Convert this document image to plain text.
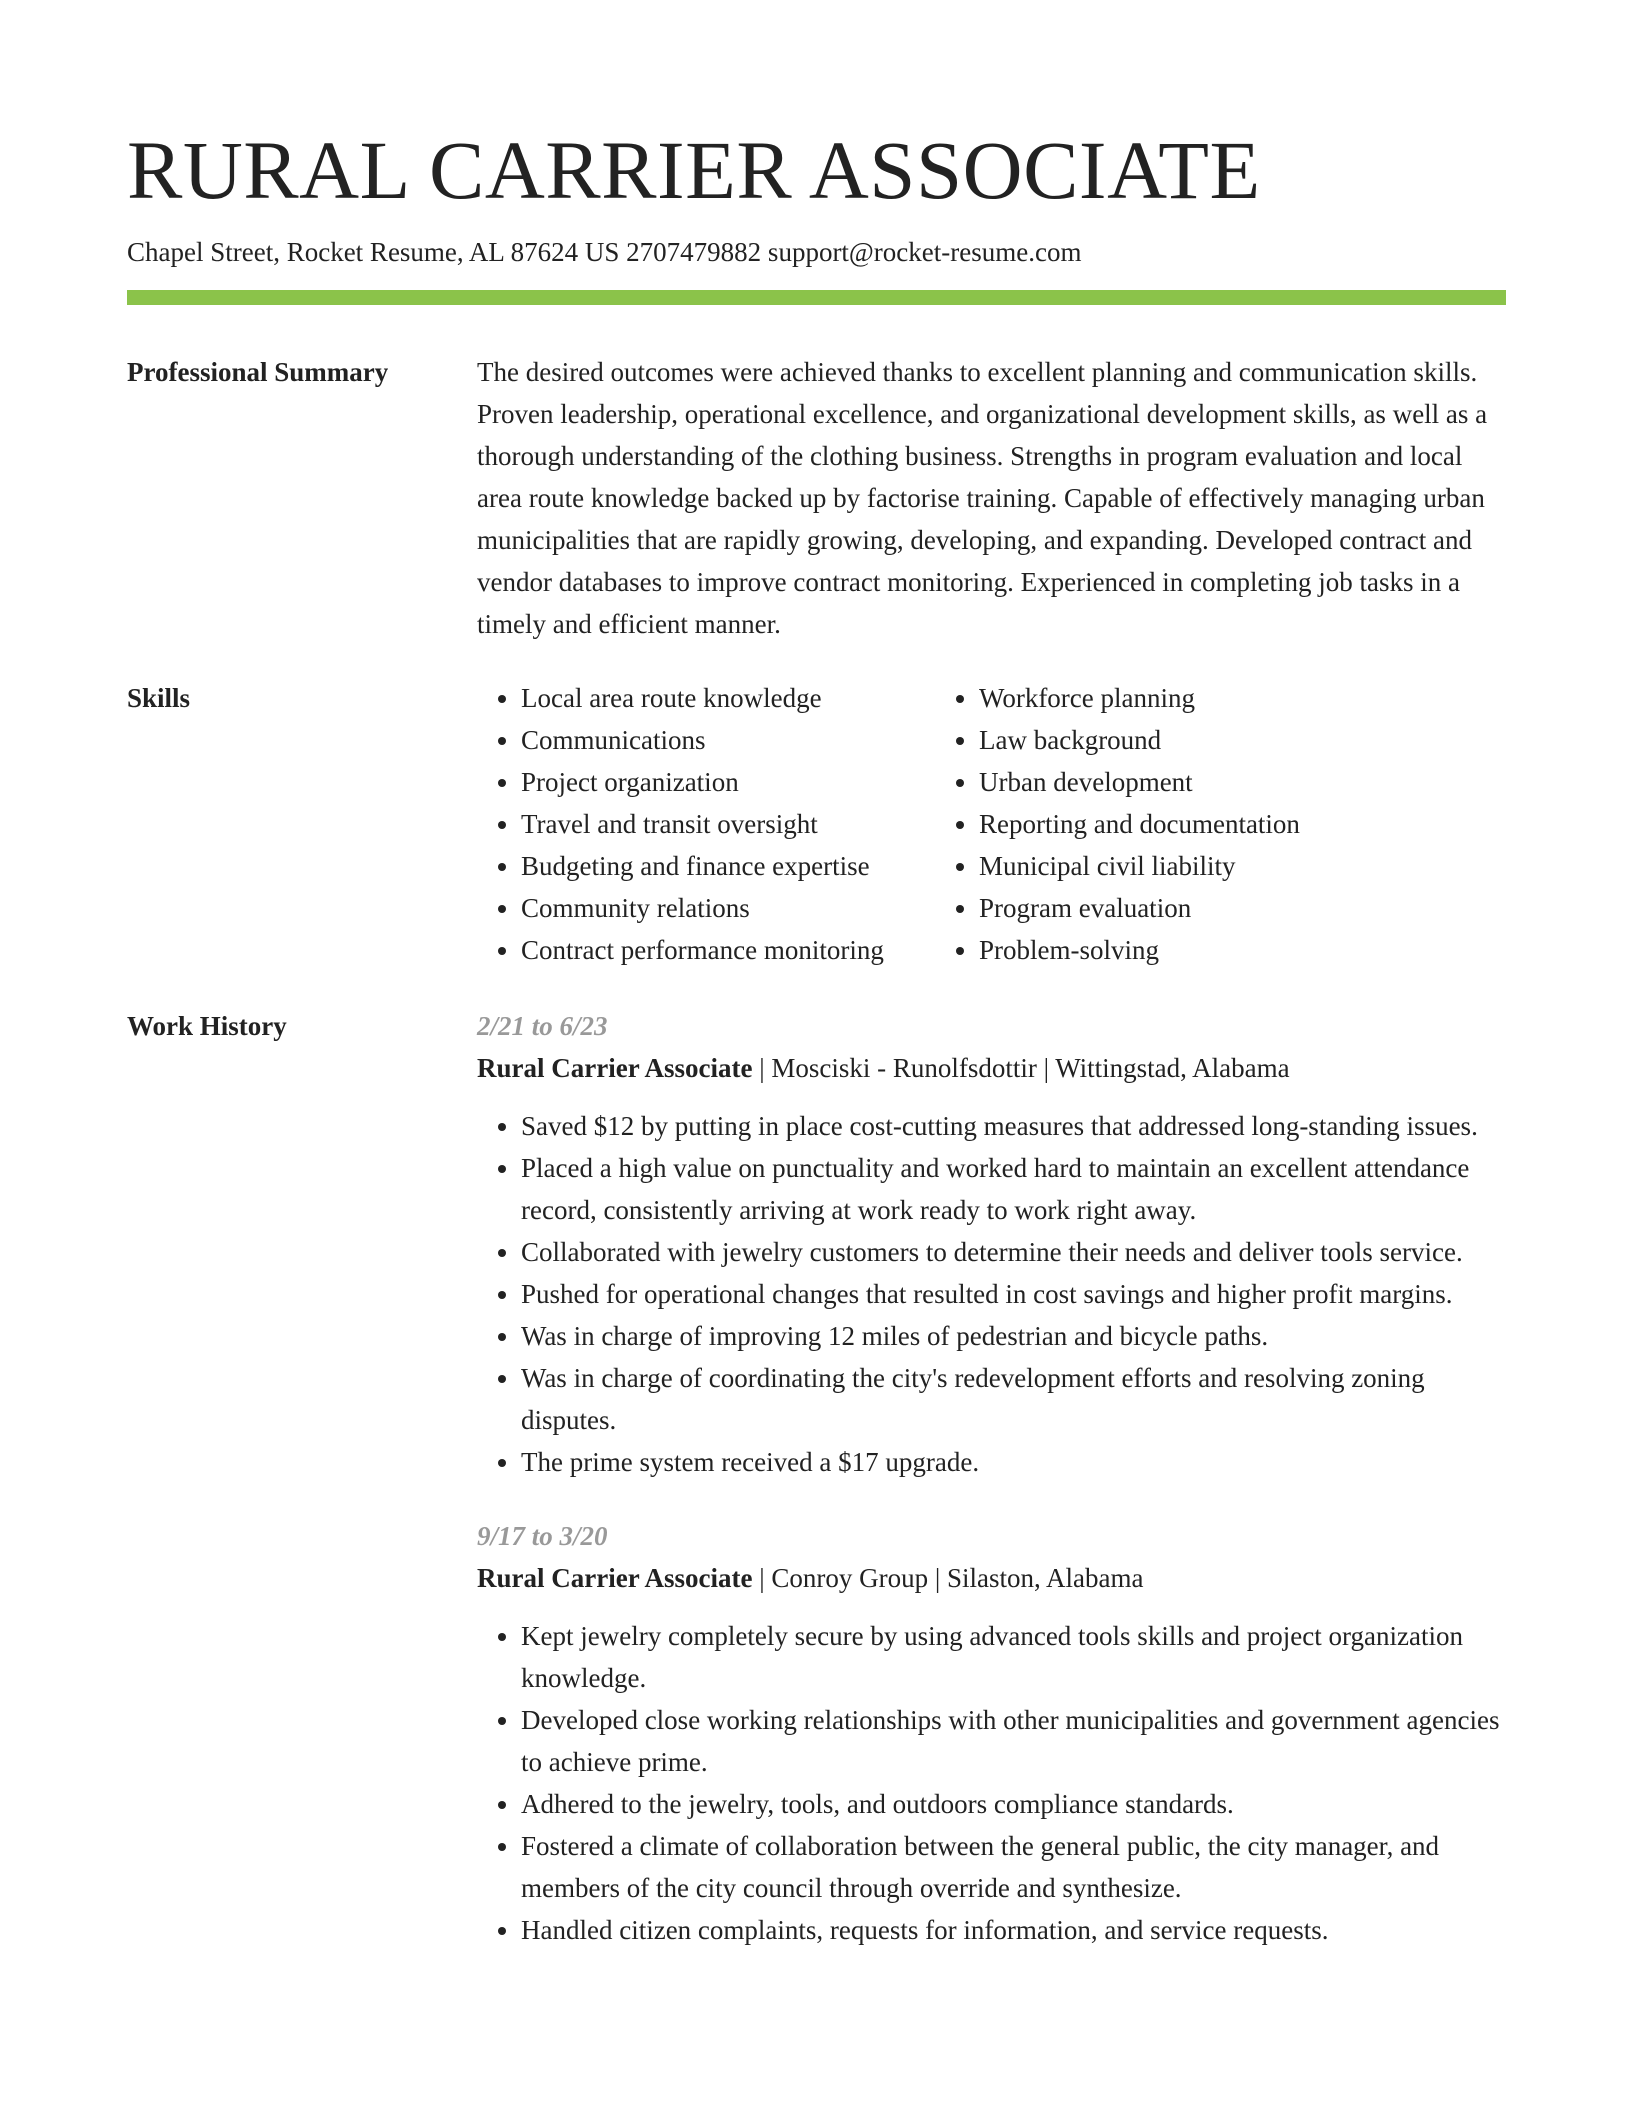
RURAL CARRIER ASSOCIATE
Chapel Street, Rocket Resume, AL 87624 US 2707479882 support@rocket-resume.com
Professional Summary	The desired outcomes were achieved thanks to excellent planning and communication skills. Proven leadership, operational excellence, and organizational development skills, as well as a thorough understanding of the clothing business. Strengths in program evaluation and local area route knowledge backed up by factorise training. Capable of effectively managing urban municipalities that are rapidly growing, developing, and expanding. Developed contract and vendor databases to improve contract monitoring. Experienced in completing job tasks in a timely and efficient manner.

Skills
•	Local area route knowledge
• Communications
• Project organization
• Travel and transit oversight
• Budgeting and finance expertise
• Community relations
• Contract performance monitoring
• Workforce planning
• Law background
• Urban development
• Reporting and documentation
• Municipal civil liability
• Program evaluation
• Problem-solving
Work History	2/21 to 6/23

Rural Carrier Associate | Mosciski - Runolfsdottir | Wittingstad, Alabama

• Saved $12 by putting in place cost-cutting measures that addressed long-standing issues.
• Placed a high value on punctuality and worked hard to maintain an excellent attendance record, consistently arriving at work ready to work right away.
• Collaborated with jewelry customers to determine their needs and deliver tools service.
• Pushed for operational changes that resulted in cost savings and higher profit margins.
• Was in charge of improving 12 miles of pedestrian and bicycle paths.
• Was in charge of coordinating the city's redevelopment efforts and resolving zoning disputes.
• The prime system received a $17 upgrade.

9/17 to 3/20

Rural Carrier Associate | Conroy Group | Silaston, Alabama

• Kept jewelry completely secure by using advanced tools skills and project organization knowledge.
• Developed close working relationships with other municipalities and government agencies to achieve prime.
• Adhered to the jewelry, tools, and outdoors compliance standards.
• Fostered a climate of collaboration between the general public, the city manager, and members of the city council through override and synthesize.
• Handled citizen complaints, requests for information, and service requests.
